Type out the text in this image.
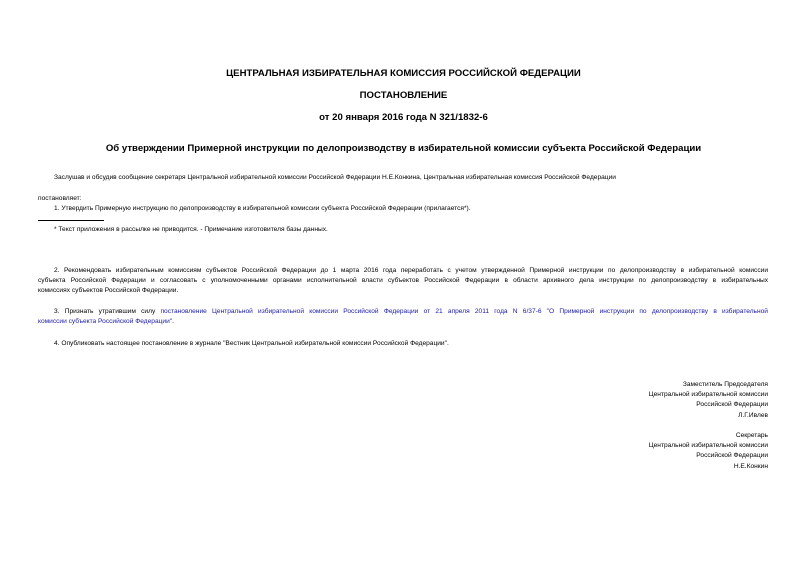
ЦЕНТРАЛЬНАЯ ИЗБИРАТЕЛЬНАЯ КОМИССИЯ РОССИЙСКОЙ ФЕДЕРАЦИИ
ПОСТАНОВЛЕНИЕ
от 20 января 2016 года N 321/1832-6
Об утверждении Примерной инструкции по делопроизводству в избирательной комиссии субъекта Российской Федерации
Заслушав и обсудив сообщение секретаря Центральной избирательной комиссии Российской Федерации Н.Е.Конкина, Центральная избирательная комиссия Российской Федерации
постановляет:
1. Утвердить Примерную инструкцию по делопроизводству в избирательной комиссии субъекта Российской Федерации (прилагается*).
* Текст приложения в рассылке не приводится. - Примечание изготовителя базы данных.
2. Рекомендовать избирательным комиссиям субъектов Российской Федерации до 1 марта 2016 года переработать с учетом утвержденной Примерной инструкции по делопроизводству в избирательной комиссии
субъекта Российской Федерации и согласовать с уполномоченными органами исполнительной власти субъектов Российской Федерации в области архивного дела инструкции по делопроизводству в избирательных
комиссиях субъектов Российской Федерации.
3. Признать утратившим силу постановление Центральной избирательной комиссии Российской Федерации от 21 апреля 2011 года N 6/37-6 "О Примерной инструкции по делопроизводству в избирательной
комиссии субъекта Российской Федерации".
4. Опубликовать настоящее постановление в журнале "Вестник Центральной избирательной комиссии Российской Федерации".
Заместитель Председателя
Центральной избирательной комиссии
Российской Федерации
Л.Г.Ивлев
Секретарь
Центральной избирательной комиссии
Российской Федерации
Н.Е.Конкин
